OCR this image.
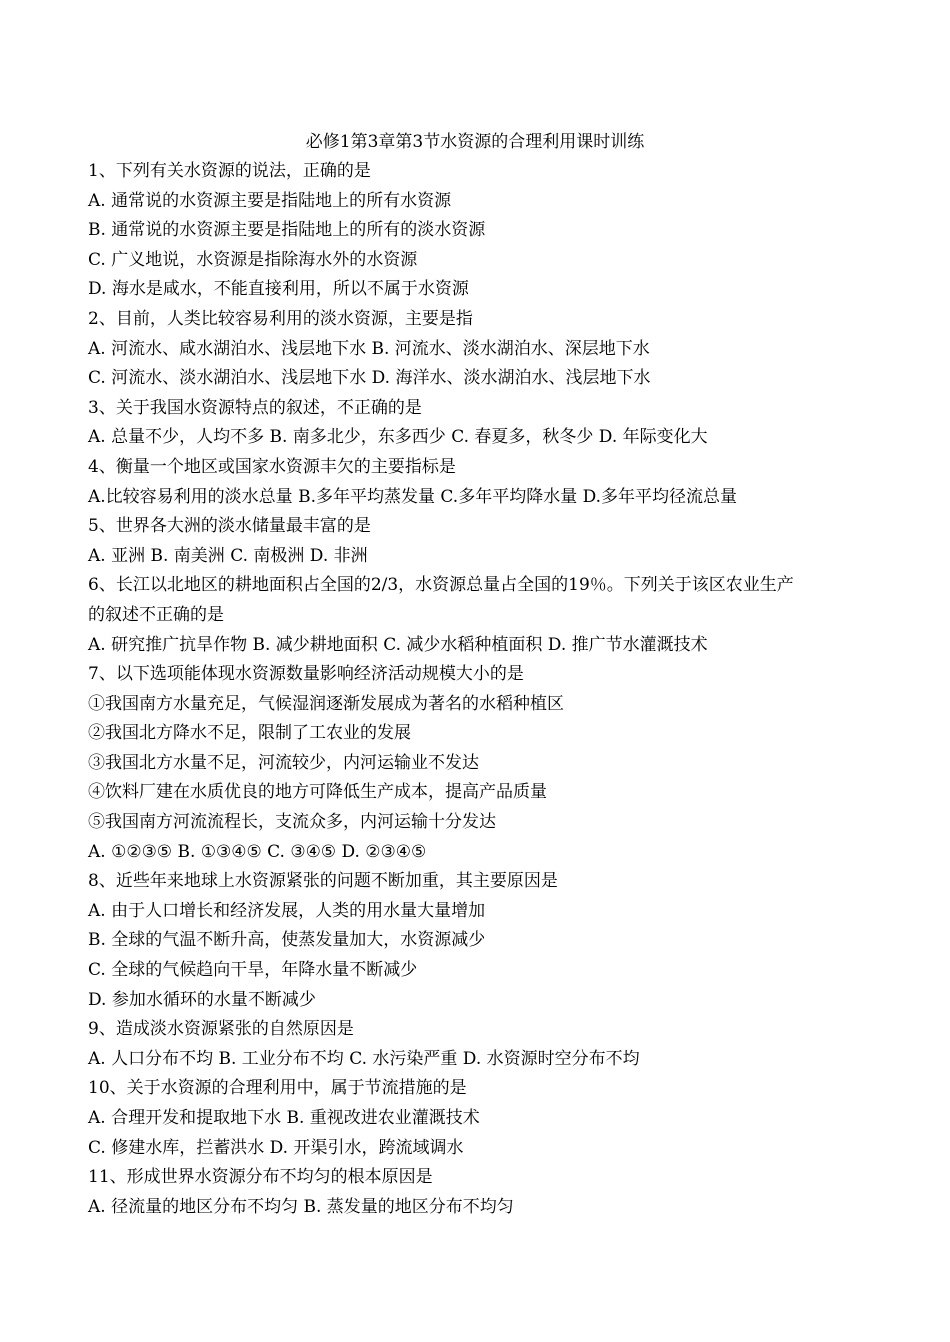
必修1第3章第3节水资源的合理利用课时训练
1、下列有关水资源的说法，正确的是
A. 通常说的水资源主要是指陆地上的所有水资源
B. 通常说的水资源主要是指陆地上的所有的淡水资源
C. 广义地说，水资源是指除海水外的水资源
D. 海水是咸水，不能直接利用，所以不属于水资源
2、目前，人类比较容易利用的淡水资源，主要是指
A. 河流水、咸水湖泊水、浅层地下水 B. 河流水、淡水湖泊水、深层地下水
C. 河流水、淡水湖泊水、浅层地下水 D. 海洋水、淡水湖泊水、浅层地下水
3、关于我国水资源特点的叙述，不正确的是
A. 总量不少，人均不多 B. 南多北少，东多西少 C. 春夏多，秋冬少 D. 年际变化大
4、衡量一个地区或国家水资源丰欠的主要指标是
A.比较容易利用的淡水总量 B.多年平均蒸发量 C.多年平均降水量 D.多年平均径流总量
5、世界各大洲的淡水储量最丰富的是
A. 亚洲 B. 南美洲 C. 南极洲 D. 非洲
6、长江以北地区的耕地面积占全国的2/3，水资源总量占全国的19％。下列关于该区农业生产
的叙述不正确的是
A. 研究推广抗旱作物 B. 减少耕地面积 C. 减少水稻种植面积 D. 推广节水灌溉技术
7、以下选项能体现水资源数量影响经济活动规模大小的是
①我国南方水量充足，气候湿润逐渐发展成为著名的水稻种植区
②我国北方降水不足，限制了工农业的发展
③我国北方水量不足，河流较少，内河运输业不发达
④饮料厂建在水质优良的地方可降低生产成本，提高产品质量
⑤我国南方河流流程长，支流众多，内河运输十分发达
A. ①②③⑤ B. ①③④⑤ C. ③④⑤ D. ②③④⑤
8、近些年来地球上水资源紧张的问题不断加重，其主要原因是
A. 由于人口增长和经济发展，人类的用水量大量增加
B. 全球的气温不断升高，使蒸发量加大，水资源减少
C. 全球的气候趋向干旱，年降水量不断减少
D. 参加水循环的水量不断减少
9、造成淡水资源紧张的自然原因是
A. 人口分布不均 B. 工业分布不均 C. 水污染严重 D. 水资源时空分布不均
10、关于水资源的合理利用中，属于节流措施的是
A. 合理开发和提取地下水 B. 重视改进农业灌溉技术
C. 修建水库，拦蓄洪水 D. 开渠引水，跨流域调水
11、形成世界水资源分布不均匀的根本原因是
A. 径流量的地区分布不均匀 B. 蒸发量的地区分布不均匀
